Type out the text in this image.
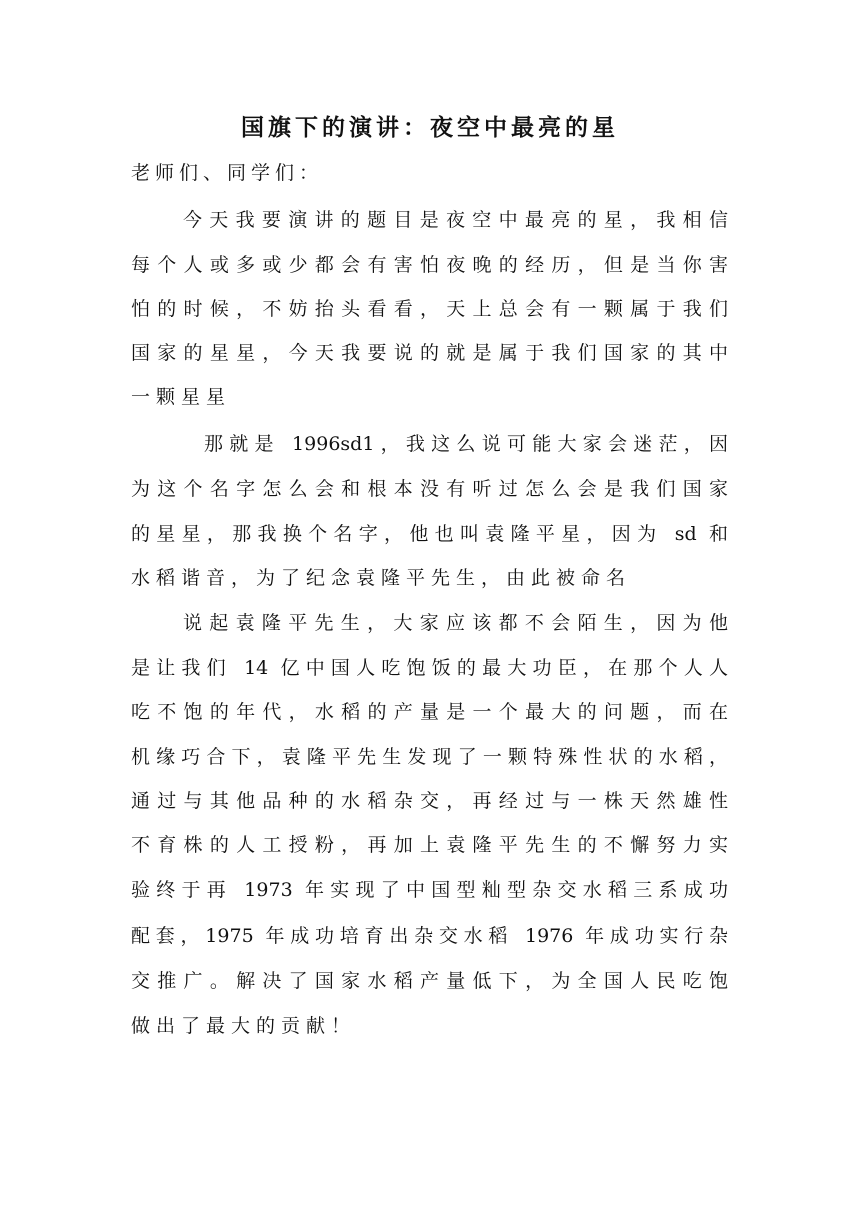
国旗下的演讲：夜空中最亮的星

老师们、同学们：

今天我要演讲的题目是夜空中最亮的星，我相信

每个人或多或少都会有害怕夜晚的经历，但是当你害

怕的时候，不妨抬头看看，天上总会有一颗属于我们

国家的星星，今天我要说的就是属于我们国家的其中

一颗星星

那就是 1996sd1，我这么说可能大家会迷茫，因

为这个名字怎么会和根本没有听过怎么会是我们国家

的星星，那我换个名字，他也叫袁隆平星，因为 sd 和

水稻谐音，为了纪念袁隆平先生，由此被命名

说起袁隆平先生，大家应该都不会陌生，因为他

是让我们 14 亿中国人吃饱饭的最大功臣，在那个人人

吃不饱的年代，水稻的产量是一个最大的问题，而在

机缘巧合下，袁隆平先生发现了一颗特殊性状的水稻，

通过与其他品种的水稻杂交，再经过与一株天然雄性

不育株的人工授粉，再加上袁隆平先生的不懈努力实

验终于再 1973 年实现了中国型籼型杂交水稻三系成功

配套，1975 年成功培育出杂交水稻 1976 年成功实行杂

交推广。解决了国家水稻产量低下，为全国人民吃饱

做出了最大的贡献！
